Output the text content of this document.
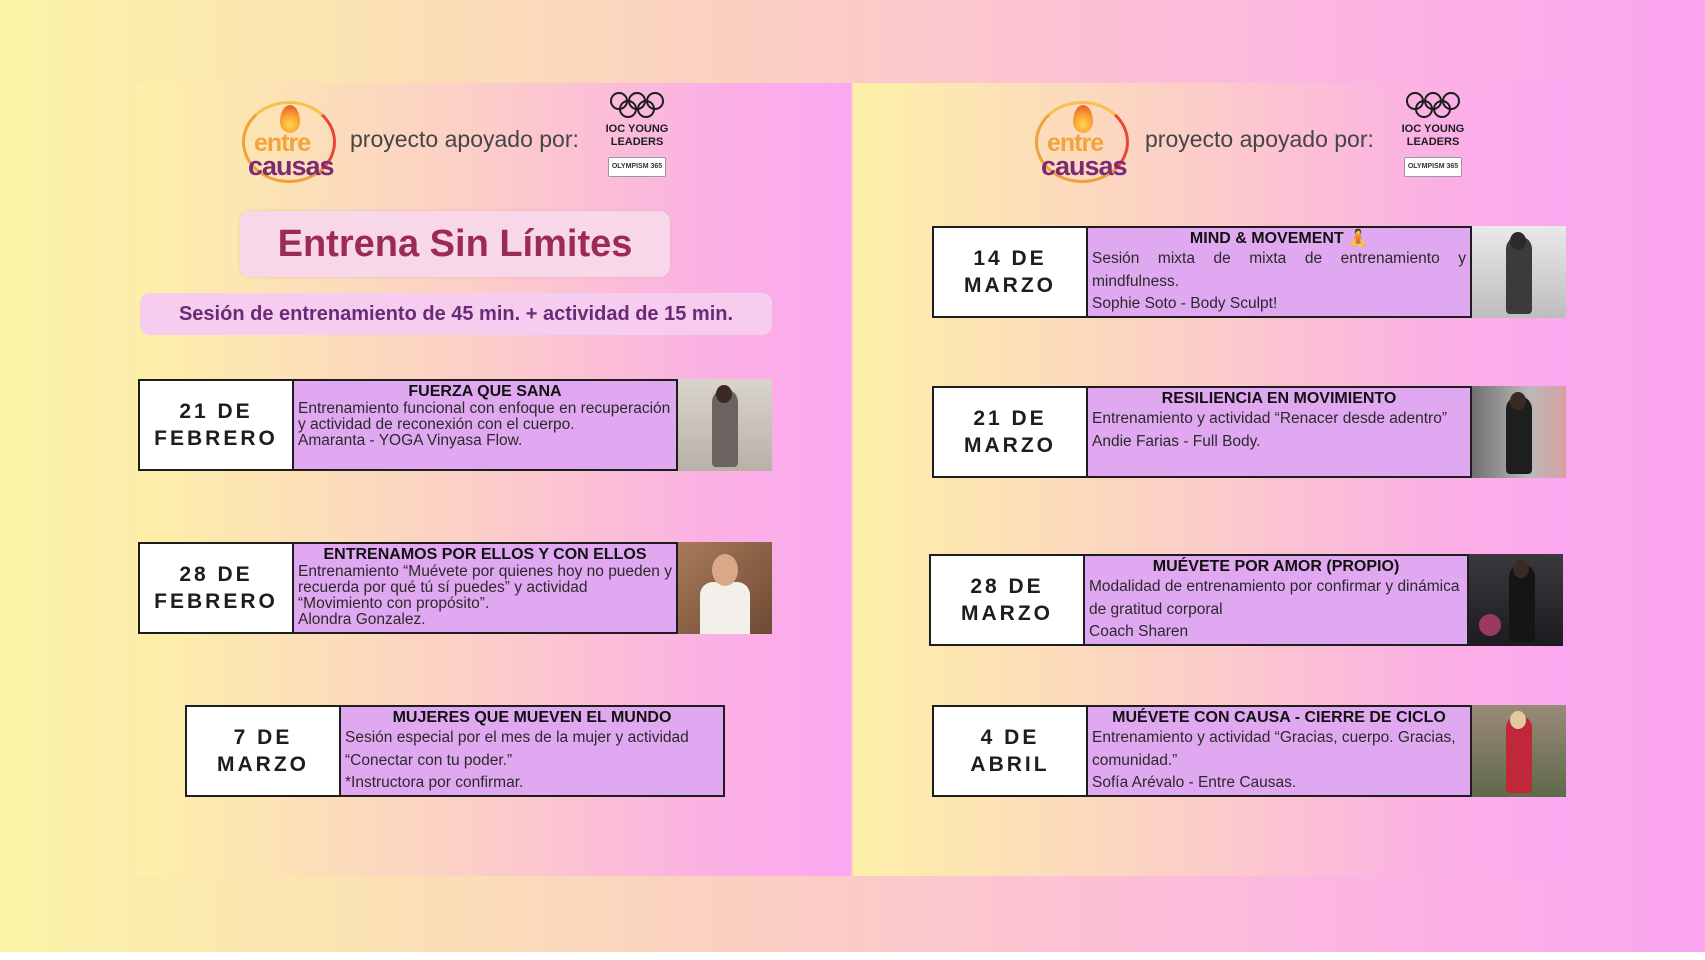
entre
causas
proyecto apoyado por: IOC YOUNG
LEADERS
OLYMPISM 365
Entrena Sin Límites
Sesión de entrenamiento de 45 min. + actividad de 15 min.
21 DE
FEBRERO
FUERZA QUE SANA
Entrenamiento funcional con enfoque en recuperación y actividad de reconexión con el cuerpo.
Amaranta - YOGA Vinyasa Flow.
28 DE
FEBRERO
ENTRENAMOS POR ELLOS Y CON ELLOS
Entrenamiento “Muévete por quienes hoy no pueden y recuerda por qué tú sí puedes” y actividad “Movimiento con propósito”.
Alondra Gonzalez.
7 DE
MARZO
MUJERES QUE MUEVEN EL MUNDO
Sesión especial por el mes de la mujer y actividad “Conectar con tu poder.”
*Instructora por confirmar.
entre
causas
proyecto apoyado por:	IOC YOUNG
LEADERS
OLYMPISM 365
14 DE
MARZO
MIND & MOVEMENT 🧘
Sesión mixta de mixta de entrenamiento y mindfulness.
Sophie Soto - Body Sculpt!
21 DE
MARZO
RESILIENCIA EN MOVIMIENTO
Entrenamiento y actividad “Renacer desde adentro”
Andie Farias - Full Body.
28 DE
MARZO
MUÉVETE POR AMOR (PROPIO)
Modalidad de entrenamiento por confirmar y dinámica de gratitud corporal
Coach Sharen
4 DE
ABRIL
MUÉVETE CON CAUSA - CIERRE DE CICLO
Entrenamiento y actividad “Gracias, cuerpo. Gracias, comunidad.”
Sofía Arévalo - Entre Causas.
